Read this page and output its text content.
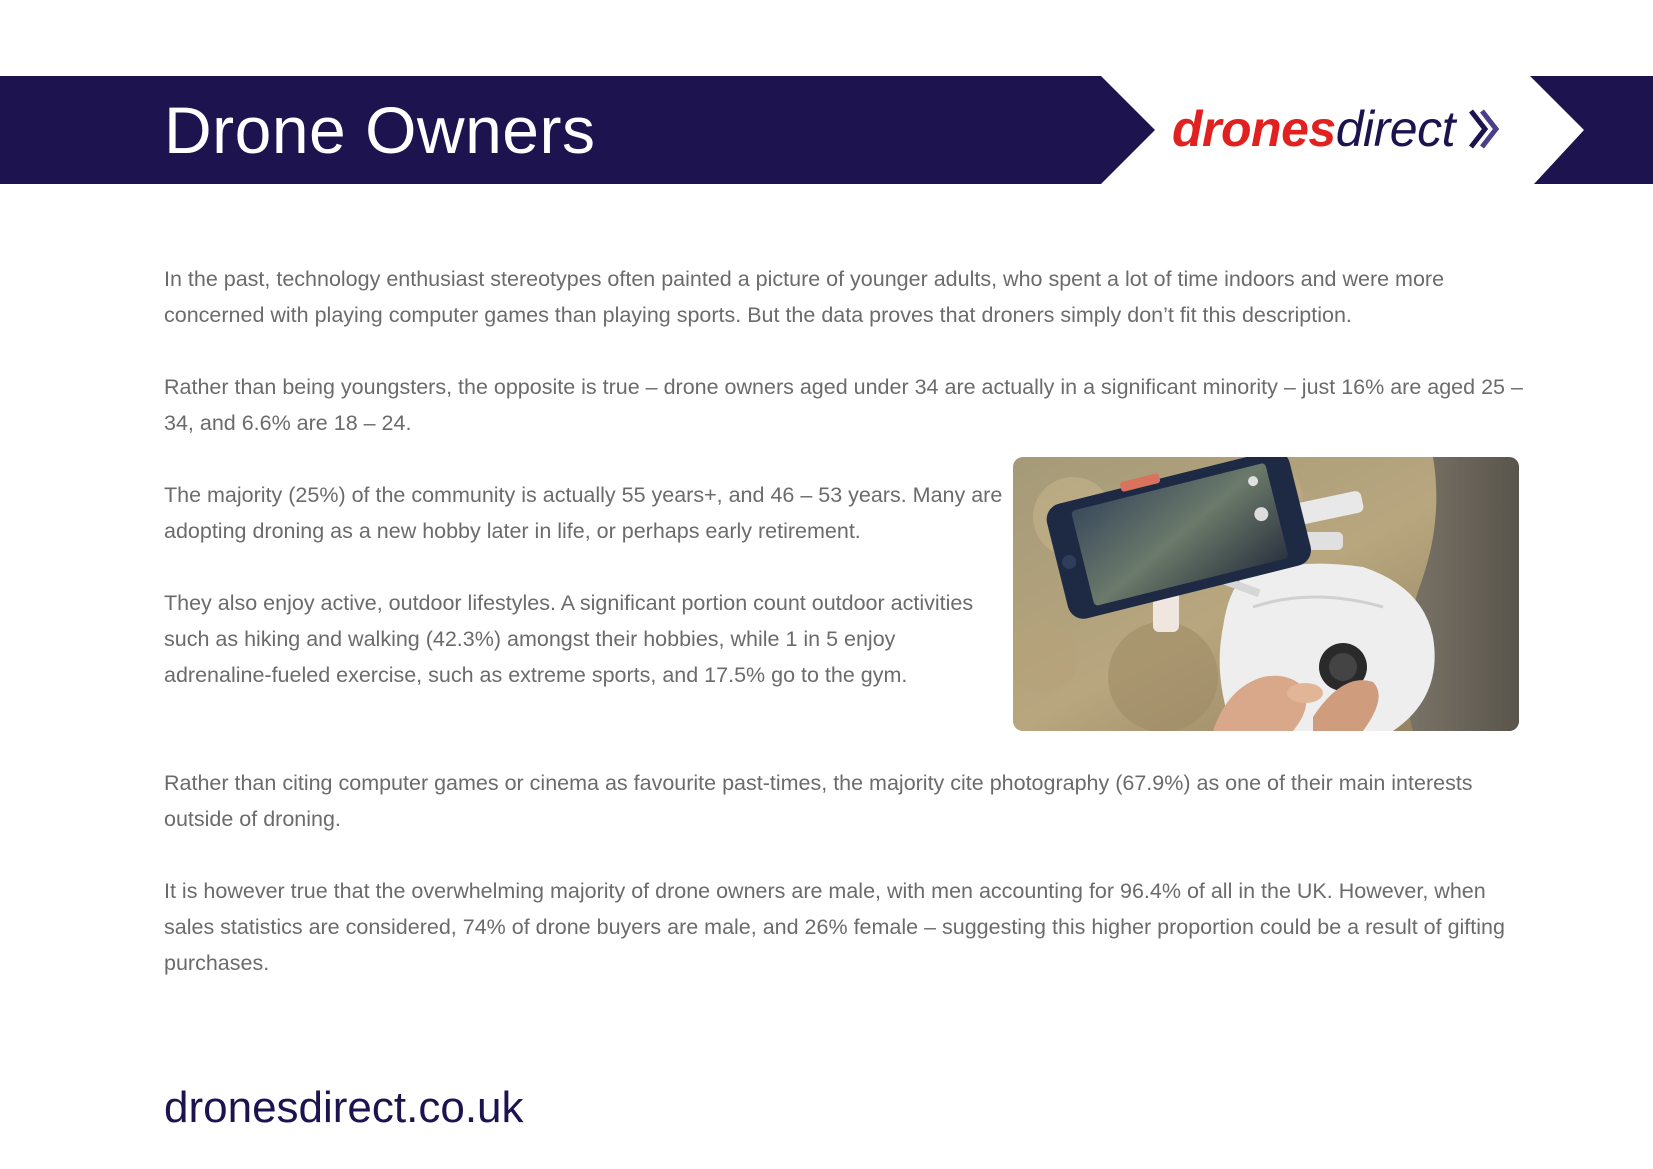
Drone Owners	drones direct

In the past, technology enthusiast stereotypes often painted a picture of younger adults, who spent a lot of time indoors and were more concerned with playing computer games than playing sports. But the data proves that droners simply don’t fit this description.

Rather than being youngsters, the opposite is true – drone owners aged under 34 are actually in a significant minority – just 16% are aged 25 – 34, and 6.6% are 18 – 24.

The majority (25%) of the community is actually 55 years+, and 46 – 53 years. Many are adopting droning as a new hobby later in life, or perhaps early retirement.

They also enjoy active, outdoor lifestyles. A significant portion count outdoor activities such as hiking and walking (42.3%) amongst their hobbies, while 1 in 5 enjoy adrenaline-fueled exercise, such as extreme sports, and 17.5% go to the gym.

Rather than citing computer games or cinema as favourite past-times, the majority cite photography (67.9%) as one of their main interests outside of droning.

It is however true that the overwhelming majority of drone owners are male, with men accounting for 96.4% of all in the UK. However, when sales statistics are considered, 74% of drone buyers are male, and 26% female – suggesting this higher proportion could be a result of gifting purchases.

dronesdirect.co.uk
